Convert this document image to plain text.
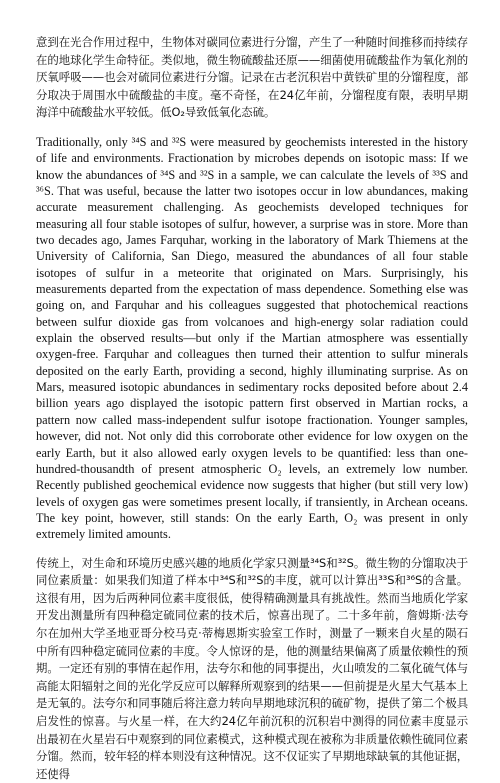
意到在光合作用过程中，生物体对碳同位素进行分馏，产生了一种随时间推移而持续存在的地球化学生命特征。类似地，微生物硫酸盐还原——细菌使用硫酸盐作为氧化剂的厌氧呼吸——也会对硫同位素进行分馏。记录在古老沉积岩中黄铁矿里的分馏程度，部分取决于周围水中硫酸盐的丰度。毫不奇怪，在24亿年前，分馏程度有限，表明早期海洋中硫酸盐水平较低。低O₂导致低氧化态硫。

Traditionally, only ³⁴S and ³²S were measured by geochemists interested in the history of life and environments. Fractionation by microbes depends on isotopic mass: If we know the abundances of ³⁴S and ³²S in a sample, we can calculate the levels of ³³S and ³⁶S. That was useful, because the latter two isotopes occur in low abundances, making accurate measurement challenging. As geochemists developed techniques for measuring all four stable isotopes of sulfur, however, a surprise was in store. More than two decades ago, James Farquhar, working in the laboratory of Mark Thiemens at the University of California, San Diego, measured the abundances of all four stable isotopes of sulfur in a meteorite that originated on Mars. Surprisingly, his measurements departed from the expectation of mass dependence. Something else was going on, and Farquhar and his colleagues suggested that photochemical reactions between sulfur dioxide gas from volcanoes and high-energy solar radiation could explain the observed results—but only if the Martian atmosphere was essentially oxygen-free. Farquhar and colleagues then turned their attention to sulfur minerals deposited on the early Earth, providing a second, highly illuminating surprise. As on Mars, measured isotopic abundances in sedimentary rocks deposited before about 2.4 billion years ago displayed the isotopic pattern first observed in Martian rocks, a pattern now called mass-independent sulfur isotope fractionation. Younger samples, however, did not. Not only did this corroborate other evidence for low oxygen on the early Earth, but it also allowed early oxygen levels to be quantified: less than one-hundred-thousandth of present atmospheric O₂ levels, an extremely low number. Recently published geochemical evidence now suggests that higher (but still very low) levels of oxygen gas were sometimes present locally, if transiently, in Archean oceans. The key point, however, still stands: On the early Earth, O₂ was present in only extremely limited amounts.

传统上，对生命和环境历史感兴趣的地质化学家只测量³⁴S和³²S。微生物的分馏取决于同位素质量：如果我们知道了样本中³⁴S和³²S的丰度，就可以计算出³³S和³⁶S的含量。这很有用，因为后两种同位素丰度很低，使得精确测量具有挑战性。然而当地质化学家开发出测量所有四种稳定硫同位素的技术后，惊喜出现了。二十多年前，詹姆斯·法夸尔在加州大学圣地亚哥分校马克·蒂梅恩斯实验室工作时，测量了一颗来自火星的陨石中所有四种稳定硫同位素的丰度。令人惊讶的是，他的测量结果偏离了质量依赖性的预期。一定还有别的事情在起作用，法夸尔和他的同事提出，火山喷发的二氧化硫气体与高能太阳辐射之间的光化学反应可以解释所观察到的结果——但前提是火星大气基本上是无氧的。法夸尔和同事随后将注意力转向早期地球沉积的硫矿物，提供了第二个极具启发性的惊喜。与火星一样，在大约24亿年前沉积的沉积岩中测得的同位素丰度显示出最初在火星岩石中观察到的同位素模式，这种模式现在被称为非质量依赖性硫同位素分馏。然而，较年轻的样本则没有这种情况。这不仅证实了早期地球缺氧的其他证据，还使得
